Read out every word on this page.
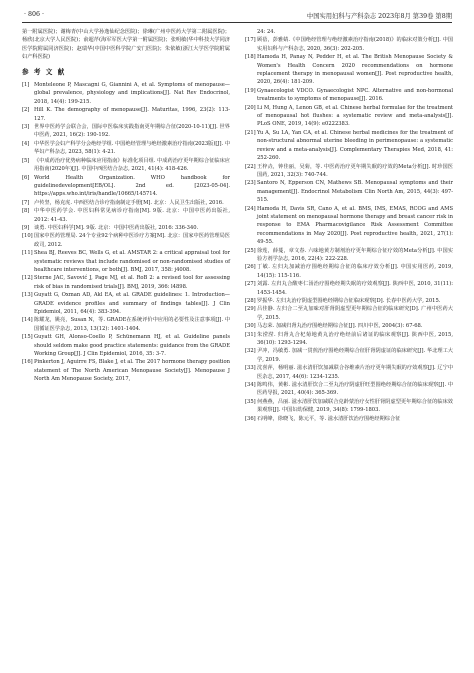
· 806 ·	中国实用妇科与产科杂志 2023年8月 第39卷 第8期

第一附属医院)；谢梅青(中山大学孙逸仙纪念医院)；徐琳(广州中医药大学第二附属医院)；杨欣(北京大学人民医院)；俞超芹(海军军医大学第一附属医院)；张明敏(华中科技大学同济医学院附属同济医院)；赵瑞华(中国中医科学院广安门医院)；朱依敏(浙江大学医学院附属妇产科医院)

参 考 文 献
[1] Monteleone P, Mascagni G, Giannini A, et al. Symptoms of menopause—global prevalence, physiology and implications[J]. Nat Rev Endocrinol, 2018, 14(4): 199-215.
[2] Hill K. The demography of menopause[J]. Maturitas, 1996, 23(2): 113-127.
[3] 世界中医药学会联合会，国际中医临床实践指南更年期综合征(2020-10-11)[J]. 世界中医药, 2021, 16(2): 190-192.
[4] 中华医学会妇产科学分会绝经学组. 中国绝经管理与绝经激素治疗指南(2023版)[J]. 中华妇产科杂志, 2023, 58(1): 4-21.
[5] 《中成药治疗优势病种临床应用指南》标准化项目组. 中成药治疗更年期综合征临床应用指南(2020年)[J]. 中国中西医结合杂志, 2021, 41(4): 418-426.
[6] World Health Organization. WHO handbook for guidelinedevelopment[EB/OL]. 2nd ed. [2023-05-04]. https://apps.who.int/iris/handle/10665/145714.
[7] 卢传坚，杨克虎. 中西医结合诊疗指南制定手册[M]. 北京：人民卫生出版社, 2016.
[8] 中华中医药学会. 中医妇科常见病诊疗指南[M]. 9版. 北京：中国中医药出版社, 2012: 41-43.
[9] 谈勇. 中医妇科学[M]. 9版. 北京：中国中医药出版社, 2016: 336-340.
[10] 国家中医药管理局. 24个专业92个病种中医诊疗方案[M]. 北京：国家中医药管理局医政司, 2012.
[11] Shea BJ, Reeves BC, Wells G, et al. AMSTAR 2: a critical appraisal tool for systematic reviews that include randomised or non-randomised studies of healthcare interventions, or both[J]. BMJ, 2017, 358: j4008.
[12] Sterne JAC, Savović J, Page MJ, et al. RoB 2: a revised tool for assessing risk of bias in randomised trials[J]. BMJ, 2019, 366: l4898.
[13] Guyatt G, Oxman AD, Akl EA, et al. GRADE guidelines: 1. Introduction—GRADE evidence profiles and summary of findings tables[J]. J Clin Epidemiol, 2011, 64(4): 383-394.
[14] 陈耀龙，姚亮，Susan N，等. GRADE在系统评价中应用的必要性及注意事项[J]. 中国循证医学杂志, 2013, 13(12): 1401-1404.
[15] Guyatt GH, Alonso-Coello P, Schünemann HJ, et al. Guideline panels should seldom make good practice statements: guidance from the GRADE Working Group[J]. J Clin Epidemiol, 2016, 35: 3-7.
[16] Pinkerton J, Aguirre FS, Blake J, et al. The 2017 hormone therapy position statement of The North American Menopause Society[J]. Menopause J North Am Menopause Society, 2017,

24: 24.

[17] 顾蓓，彭雅婧.《中国绝经管理与绝经激素治疗指南(2018)》的临床对策分析[J]. 中国实用妇科与产科杂志, 2020, 36(3): 202-205.
[18] Hamoda H, Panay N, Pedder H, et al. The British Menopause Society & Women's Health Concern 2020 recommendations on hormone replacement therapy in menopausal women[J]. Post reproductive health, 2020, 26(4): 181-209.
[19] Gynaecologist VDCO. Gynaecologist NPC. Alternative and non-hormonal treatments to symptoms of menopause[J]. 2016.
[20] Li M, Hung A, Lenon GB, et al. Chinese herbal formulae for the treatment of menopausal hot flushes: a systematic review and meta-analysis[J]. PLoS ONE, 2019, 14(9): e0222383.
[21] Yu A, Su LA, Yan CA, et al. Chinese herbal medicines for the treatment of non-structural abnormal uterine bleeding in perimenopause: a systematic review and a meta-analysis[J]. Complementary Therapies Med, 2018, 41: 252-260.
[22] 王梓垚，钟佳丽，吴菊，等. 中医药治疗更年期失眠的疗效的Meta分析[J]. 时珍国医国药, 2021, 32(3): 740-744.
[23] Santoro N, Epperson CN, Mathews SB. Menopausal symptoms and their management[J]. Endocrinol Metabolism Clin North Am, 2015, 44(3): 497-515.
[24] Hamoda H, Davis SR, Cano A, et al. BMS, IMS, EMAS, RCOG and AMS joint statement on menopausal hormone therapy and breast cancer risk in response to EMA Pharmacovigilance Risk Assessment Committee recommendations in May 2020[J]. Post reproductive health, 2021, 27(1): 49-55.
[25] 徐莲，薛蔓，章文春. 六味地黄方制剂治疗更年期综合征疗效的Meta分析[J]. 中国实验方剂学杂志, 2016, 22(4): 222-228.
[26] 丁敏. 左归丸加减治疗围绝经期综合征的临床疗效分析[J]. 中国实用医药, 2019, 14(15): 115-116.
[27] 刘露. 左归丸合酸枣仁汤治疗围绝经期失眠的疗效观察[J]. 陕西中医, 2010, 31(11): 1453-1454.
[28] 罗振华. 左归丸治疗阴虚型围绝经期综合征临床观察[D]. 长春中医药大学, 2015.
[29] 吕佳静. 左归合二至丸加味对肝肾阴虚型更年期综合征的临床研究[D]. 广州中医药大学, 2015.
[30] 马志荣. 加减归肾丸治疗围绝经期综合征[J]. 四川中医, 2004(3): 67-68.
[31] 朱滢滢. 归肾丸合杞菊地黄丸治疗绝经前后诸证的临床观察[J]. 陕西中医, 2015, 36(10): 1293-1294.
[32] 尹冲，冯敏勇. 加减一贯煎治疗围绝经期综合征肝肾阴虚证的临床研究[J]. 华北理工大学, 2019.
[33] 沈喜萍，杨明丽. 滋水清肝饮加减联合谷维素片治疗更年期失眠的疗效观察[J]. 辽宁中医杂志, 2017, 44(6): 1234-1235.
[34] 陈鸣伟，黄彬. 滋水清肝饮合二至丸治疗阴虚肝旺型围绝经期综合征的临床观察[J]. 中医药导报, 2021, 40(4): 365-369.
[35] 何燕燕，吕丽. 滋水清肝饮加减联合克龄蒙治疗女性肝肾阴虚型更年期综合征的临床效果观察[J]. 中国妇幼保健, 2019, 34(8): 1799-1803.
[36] 石明峰，徐晓飞，陈元平，等. 滋水清肝饮治疗围绝经期综合征
